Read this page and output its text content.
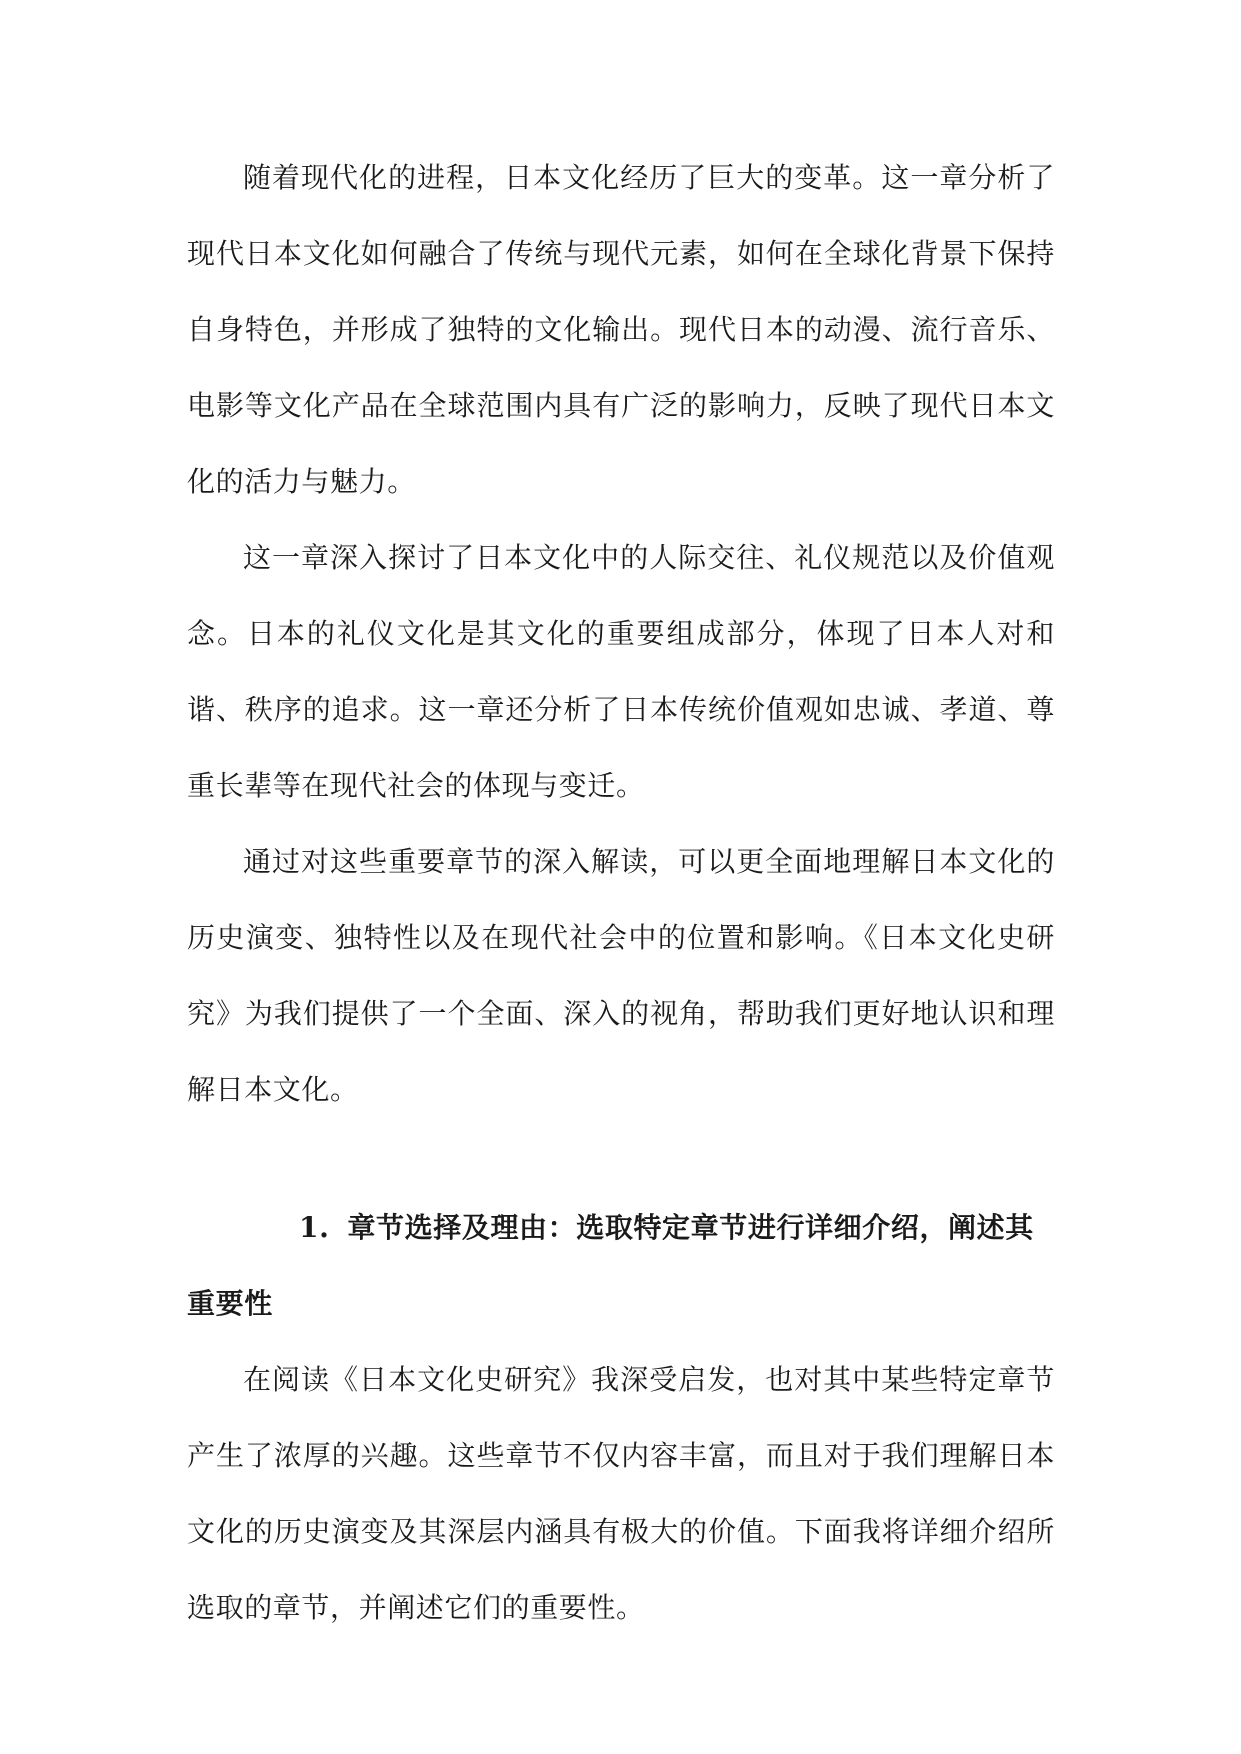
随着现代化的进程，日本文化经历了巨大的变革。这一章分析了现代日本文化如何融合了传统与现代元素，如何在全球化背景下保持自身特色，并形成了独特的文化输出。现代日本的动漫、流行音乐、电影等文化产品在全球范围内具有广泛的影响力，反映了现代日本文化的活力与魅力。

这一章深入探讨了日本文化中的人际交往、礼仪规范以及价值观念。日本的礼仪文化是其文化的重要组成部分，体现了日本人对和谐、秩序的追求。这一章还分析了日本传统价值观如忠诚、孝道、尊重长辈等在现代社会的体现与变迁。

通过对这些重要章节的深入解读，可以更全面地理解日本文化的历史演变、独特性以及在现代社会中的位置和影响。《日本文化史研究》为我们提供了一个全面、深入的视角，帮助我们更好地认识和理解日本文化。

1. 章节选择及理由：选取特定章节进行详细介绍，阐述其重要性

在阅读《日本文化史研究》我深受启发，也对其中某些特定章节产生了浓厚的兴趣。这些章节不仅内容丰富，而且对于我们理解日本文化的历史演变及其深层内涵具有极大的价值。下面我将详细介绍所选取的章节，并阐述它们的重要性。
